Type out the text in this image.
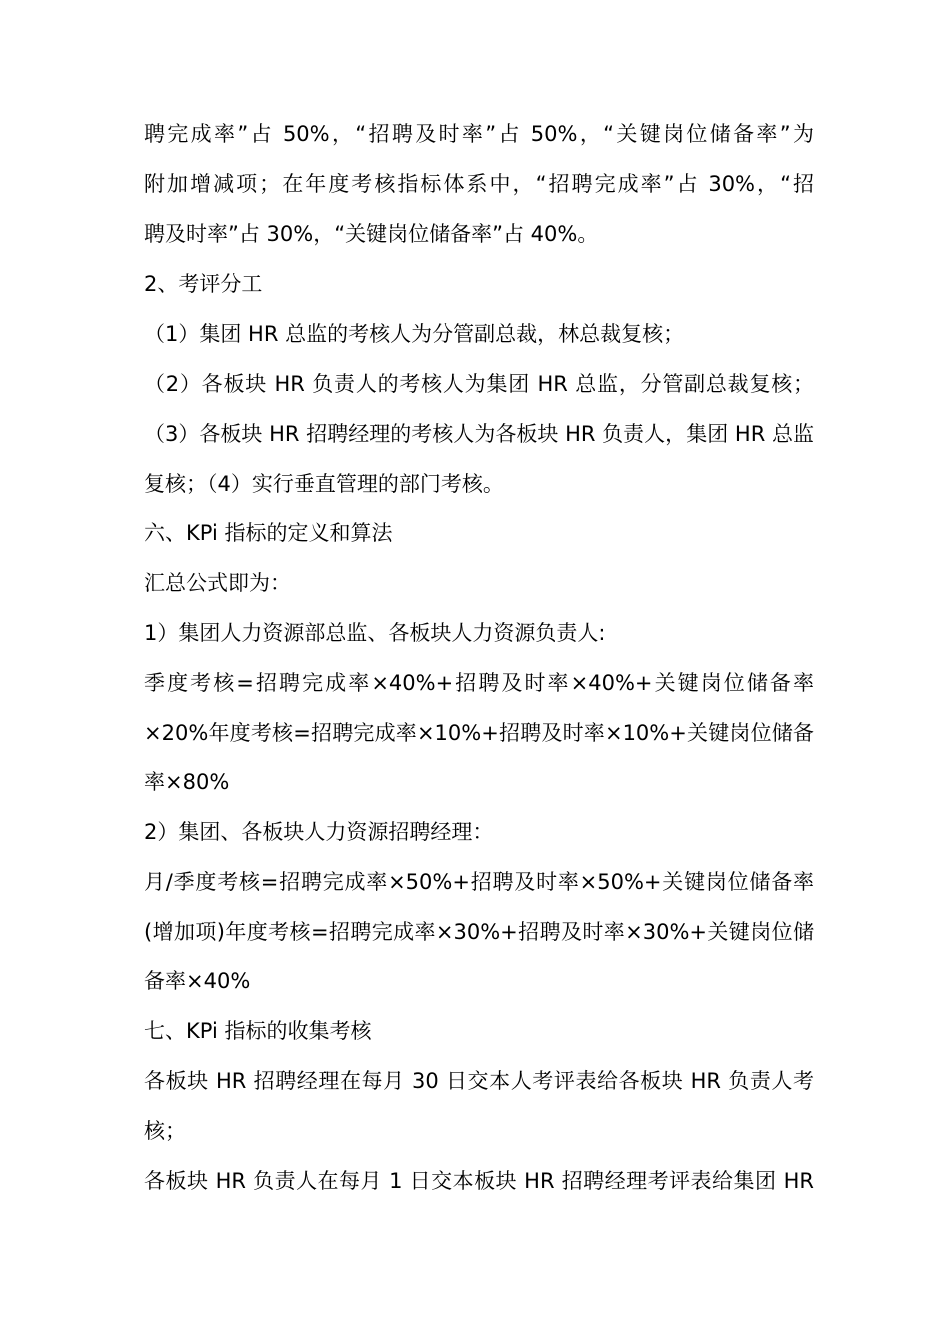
聘完成率”占 50%，“招聘及时率”占 50%，“关键岗位储备率”为
附加增减项；在年度考核指标体系中，“招聘完成率”占 30%，“招
聘及时率”占 30%，“关键岗位储备率”占 40%。
2、考评分工
（1）集团 HR 总监的考核人为分管副总裁，林总裁复核；
（2）各板块 HR 负责人的考核人为集团 HR 总监，分管副总裁复核；
（3）各板块 HR 招聘经理的考核人为各板块 HR 负责人，集团 HR 总监
复核；（4）实行垂直管理的部门考核。
六、KPi 指标的定义和算法
汇总公式即为：
1）集团人力资源部总监、各板块人力资源负责人:
季度考核=招聘完成率×40%+招聘及时率×40%+关键岗位储备率
×20%年度考核=招聘完成率×10%+招聘及时率×10%+关键岗位储备
率×80%
2）集团、各板块人力资源招聘经理：
月/季度考核=招聘完成率×50%+招聘及时率×50%+关键岗位储备率
(增加项)年度考核=招聘完成率×30%+招聘及时率×30%+关键岗位储
备率×40%
七、KPi 指标的收集考核
各板块 HR 招聘经理在每月 30 日交本人考评表给各板块 HR 负责人考
核；
各板块 HR 负责人在每月 1 日交本板块 HR 招聘经理考评表给集团 HR
